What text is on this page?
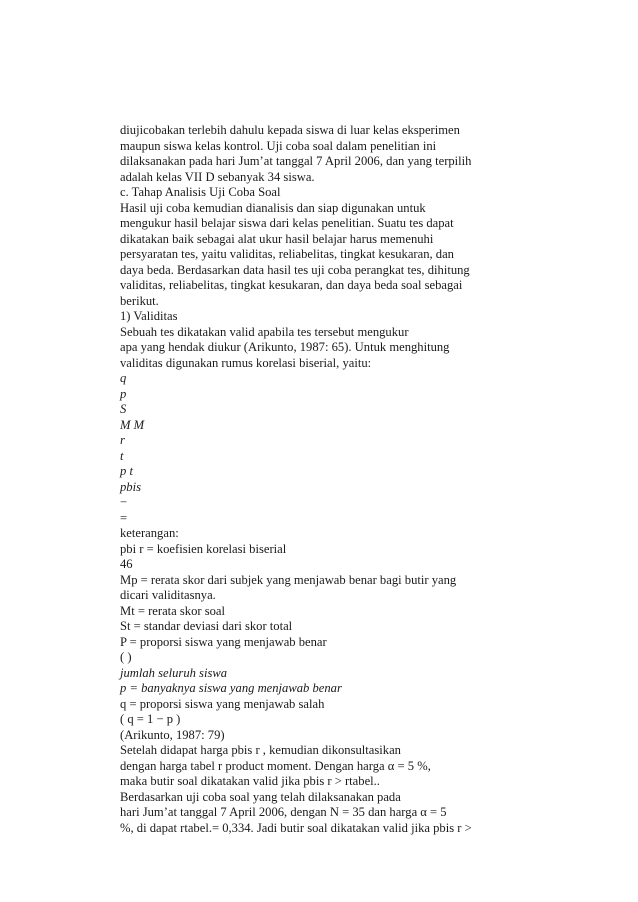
diujicobakan terlebih dahulu kepada siswa di luar kelas eksperimen
maupun siswa kelas kontrol. Uji coba soal dalam penelitian ini
dilaksanakan pada hari Jum’at tanggal 7 April 2006, dan yang terpilih
adalah kelas VII D sebanyak 34 siswa.
c. Tahap Analisis Uji Coba Soal
Hasil uji coba kemudian dianalisis dan siap digunakan untuk
mengukur hasil belajar siswa dari kelas penelitian. Suatu tes dapat
dikatakan baik sebagai alat ukur hasil belajar harus memenuhi
persyaratan tes, yaitu validitas, reliabelitas, tingkat kesukaran, dan
daya beda. Berdasarkan data hasil tes uji coba perangkat tes, dihitung
validitas, reliabelitas, tingkat kesukaran, dan daya beda soal sebagai
berikut.
1) Validitas
Sebuah tes dikatakan valid apabila tes tersebut mengukur
apa yang hendak diukur (Arikunto, 1987: 65). Untuk menghitung
validitas digunakan rumus korelasi biserial, yaitu:
q
p
S
M M
r
t
p t
pbis
−
=
keterangan:
pbi r = koefisien korelasi biserial
46
Mp = rerata skor dari subjek yang menjawab benar bagi butir yang
dicari validitasnya.
Mt = rerata skor soal
St = standar deviasi dari skor total
P = proporsi siswa yang menjawab benar
( )
jumlah seluruh siswa
p = banyaknya siswa yang menjawab benar
q = proporsi siswa yang menjawab salah
( q = 1 − p )
(Arikunto, 1987: 79)
Setelah didapat harga pbis r , kemudian dikonsultasikan
dengan harga tabel r product moment. Dengan harga α = 5 %,
maka butir soal dikatakan valid jika pbis r > rtabel..
Berdasarkan uji coba soal yang telah dilaksanakan pada
hari Jum’at tanggal 7 April 2006, dengan N = 35 dan harga α = 5
%, di dapat rtabel.= 0,334. Jadi butir soal dikatakan valid jika pbis r >
